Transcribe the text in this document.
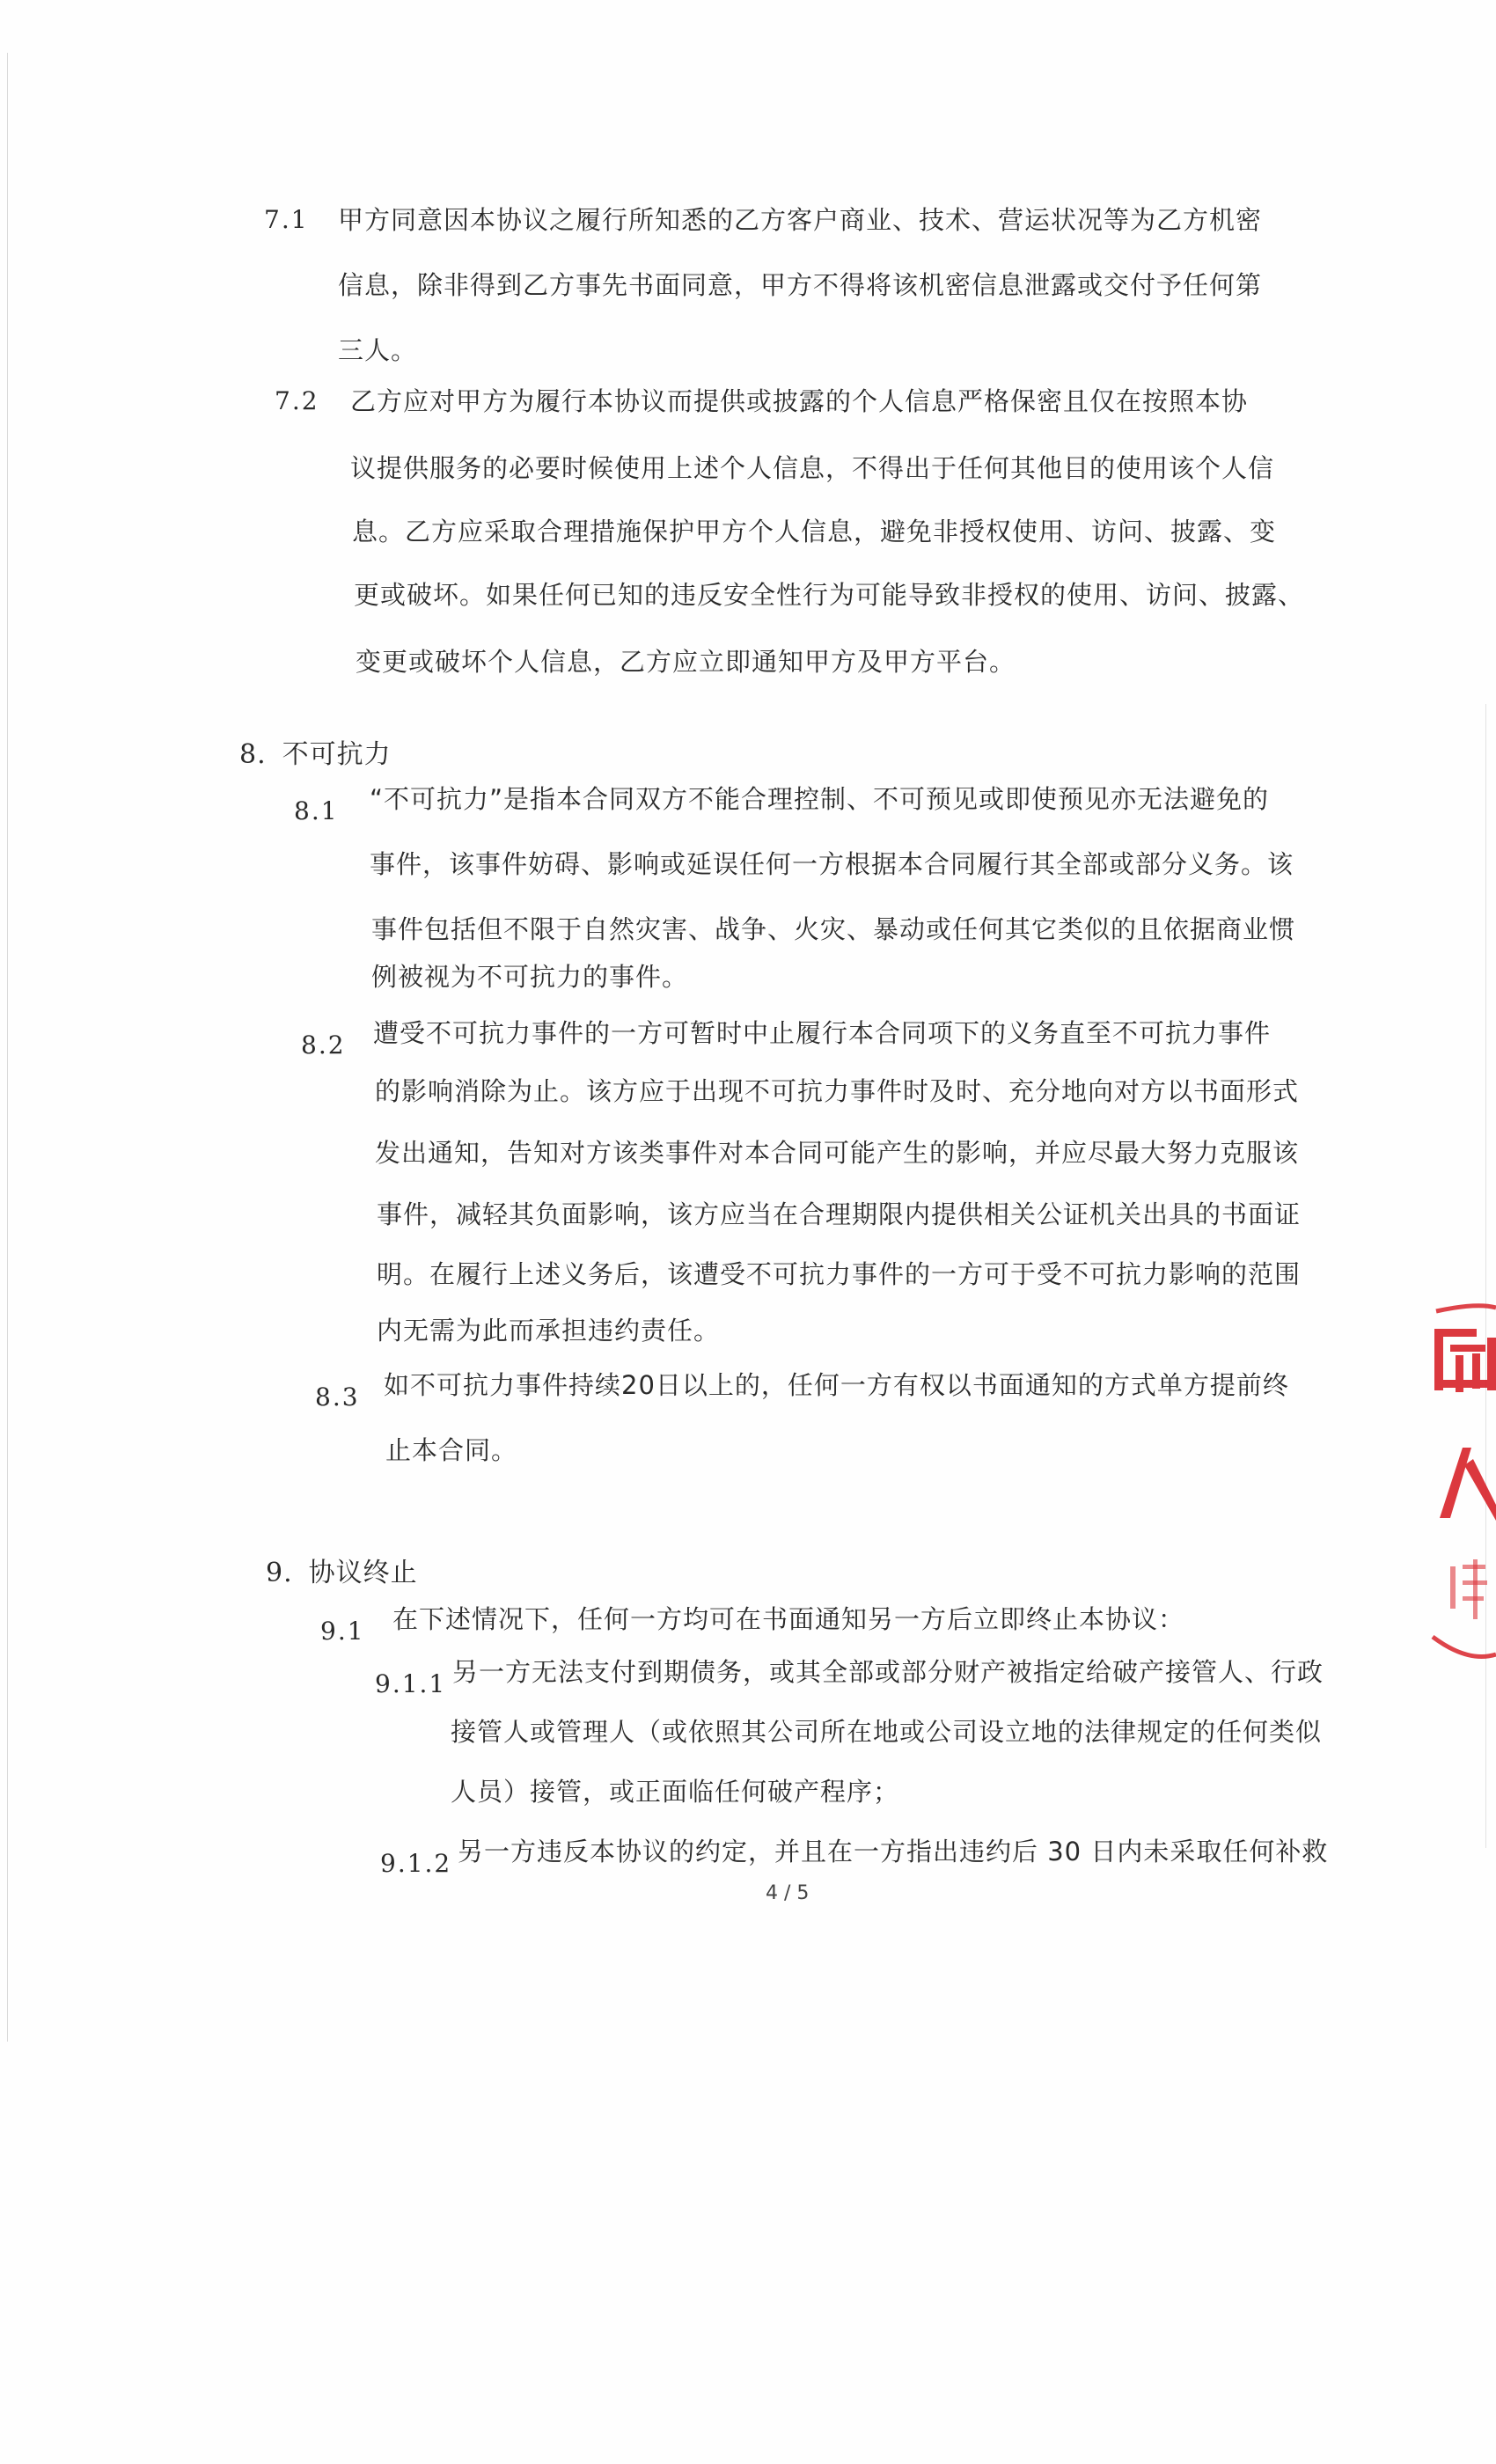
7.1 甲方同意因本协议之履行所知悉的乙方客户商业、技术、营运状况等为乙方机密
信息，除非得到乙方事先书面同意，甲方不得将该机密信息泄露或交付予任何第
三人。
7.2 乙方应对甲方为履行本协议而提供或披露的个人信息严格保密且仅在按照本协
议提供服务的必要时候使用上述个人信息，不得出于任何其他目的使用该个人信
息。乙方应采取合理措施保护甲方个人信息，避免非授权使用、访问、披露、变
更或破坏。如果任何已知的违反安全性行为可能导致非授权的使用、访问、披露、
变更或破坏个人信息，乙方应立即通知甲方及甲方平台。
8. 不可抗力
8.1 “不可抗力”是指本合同双方不能合理控制、不可预见或即使预见亦无法避免的
事件，该事件妨碍、影响或延误任何一方根据本合同履行其全部或部分义务。该
事件包括但不限于自然灾害、战争、火灾、暴动或任何其它类似的且依据商业惯
例被视为不可抗力的事件。
8.2 遭受不可抗力事件的一方可暂时中止履行本合同项下的义务直至不可抗力事件
的影响消除为止。该方应于出现不可抗力事件时及时、充分地向对方以书面形式
发出通知，告知对方该类事件对本合同可能产生的影响，并应尽最大努力克服该
事件，减轻其负面影响，该方应当在合理期限内提供相关公证机关出具的书面证
明。在履行上述义务后，该遭受不可抗力事件的一方可于受不可抗力影响的范围
内无需为此而承担违约责任。
8.3 如不可抗力事件持续20日以上的，任何一方有权以书面通知的方式单方提前终
止本合同。
9. 协议终止
9.1 在下述情况下，任何一方均可在书面通知另一方后立即终止本协议：
9.1.1 另一方无法支付到期债务，或其全部或部分财产被指定给破产接管人、行政
接管人或管理人（或依照其公司所在地或公司设立地的法律规定的任何类似
人员）接管，或正面临任何破产程序；
9.1.2 另一方违反本协议的约定，并且在一方指出违约后 30 日内未采取任何补救
4 / 5
